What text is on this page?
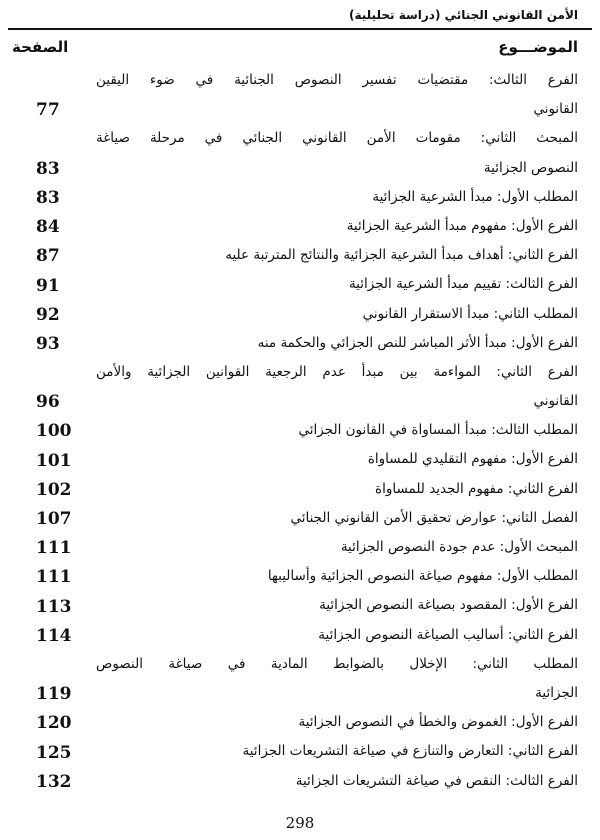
الأمن القانوني الجنائي (دراسة تحليلية)
الموضـــوع
الصفحة
الفرع الثالث: مقتضيات تفسير النصوص الجنائية في ضوء اليقين
القانوني
77
المبحث الثاني: مقومات الأمن القانوني الجنائي في مرحلة صياغة
النصوص الجزائية
83
المطلب الأول: مبدأ الشرعية الجزائية
83
الفرع الأول: مفهوم مبدأ الشرعية الجزائية
84
الفرع الثاني: أهداف مبدأ الشرعية الجزائية والنتائج المترتبة عليه
87
الفرع الثالث: تقييم مبدأ الشرعية الجزائية
91
المطلب الثاني: مبدأ الاستقرار القانوني
92
الفرع الأول: مبدأ الأثر المباشر للنص الجزائي والحكمة منه
93
الفرع الثاني: المواءمة بين مبدأ عدم الرجعية القوانين الجزائية والأمن
القانوني
96
المطلب الثالث: مبدأ المساواة في القانون الجزائي
100
الفرع الأول: مفهوم التقليدي للمساواة
101
الفرع الثاني: مفهوم الجديد للمساواة
102
الفصل الثاني: عوارض تحقيق الأمن القانوني الجنائي
107
المبحث الأول: عدم جودة النصوص الجزائية
111
المطلب الأول: مفهوم صياغة النصوص الجزائية وأساليبها
111
الفرع الأول: المقصود بصياغة النصوص الجزائية
113
الفرع الثاني: أساليب الصياغة النصوص الجزائية
114
المطلب الثاني: الإخلال بالضوابط المادية في صياغة النصوص
الجزائية
119
الفرع الأول: الغموض والخطأ في النصوص الجزائية
120
الفرع الثاني: التعارض والتنازع في صياغة التشريعات الجزائية
125
الفرع الثالث: النقص في صياغة التشريعات الجزائية
132
298
